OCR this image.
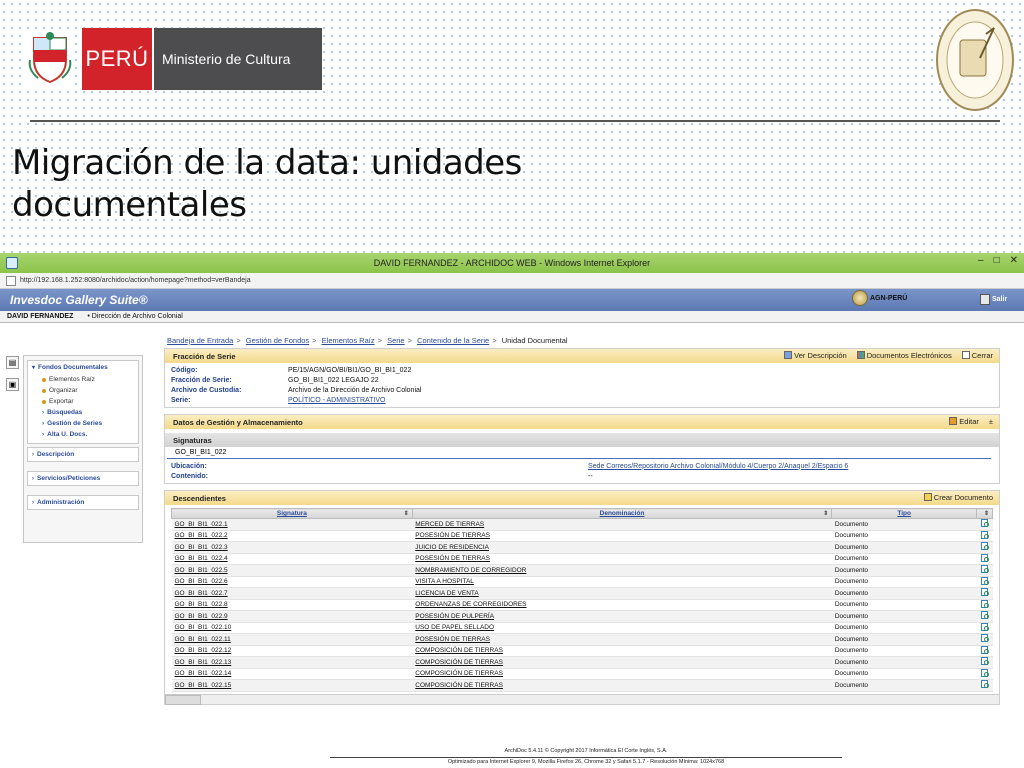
PERÚ Ministerio de Cultura
Migración de la data: unidades
documentales
DAVID FERNANDEZ - ARCHIDOC WEB - Windows Internet Explorer	– □ ✕
http://192.168.1.252:8080/archidoc/action/homepage?method=verBandeja
Invesdoc Gallery Suite®	AGN-PERÚ	Salir
DAVID FERNANDEZ • Dirección de Archivo Colonial
▤
▣
▾ Fondos Documentales
Elementos Raíz
Organizar
Exportar
› Búsquedas
› Gestión de Series
› Alta U. Docs.
› Descripción
› Servicios/Peticiones
› Administración
Bandeja de Entrada > Gestión de Fondos > Elementos Raíz > Serie > Contenido de la Serie > Unidad Documental
Fracción de Serie	Ver Descripción	Documentos Electrónicos	Cerrar
Código:	PE/15/AGN/GO/BI/BI1/GO_BI_BI1_022
Fracción de Serie:	GO_BI_BI1_022 LEGAJO 22
Archivo de Custodia:	Archivo de la Dirección de Archivo Colonial
Serie:	POLÍTICO - ADMINISTRATIVO
Datos de Gestión y Almacenamiento	Editar ±
Signaturas
GO_BI_BI1_022
Ubicación:	Sede Correos/Repositorio Archivo Colonial/Módulo 4/Cuerpo 2/Anaquel 2/Espacio 6
Contenido:	--
Descendientes	Crear Documento
Signatura ⇕	Denominación ⇕	Tipo	⇕

GO_BI_BI1_022.1	MERCED DE TIERRAS	Documento	
GO_BI_BI1_022.2	POSESIÓN DE TIERRAS	Documento	
GO_BI_BI1_022.3	JUICIO DE RESIDENCIA	Documento	
GO_BI_BI1_022.4	POSESIÓN DE TIERRAS	Documento	
GO_BI_BI1_022.5	NOMBRAMIENTO DE CORREGIDOR	Documento	
GO_BI_BI1_022.6	VISITA A HOSPITAL	Documento	
GO_BI_BI1_022.7	LICENCIA DE VENTA	Documento	
GO_BI_BI1_022.8	ORDENANZAS DE CORREGIDORES	Documento	
GO_BI_BI1_022.9	POSESIÓN DE PULPERÍA	Documento	
GO_BI_BI1_022.10	USO DE PAPEL SELLADO	Documento	
GO_BI_BI1_022.11	POSESIÓN DE TIERRAS	Documento	
GO_BI_BI1_022.12	COMPOSICIÓN DE TIERRAS	Documento	
GO_BI_BI1_022.13	COMPOSICIÓN DE TIERRAS	Documento	
GO_BI_BI1_022.14	COMPOSICIÓN DE TIERRAS	Documento	
GO_BI_BI1_022.15	COMPOSICIÓN DE TIERRAS	Documento	
ArchiDoc 5.4.11 © Copyright 2017 Informática El Corte Inglés, S.A.
Optimizado para Internet Explorer 9, Mozilla Firefox 26, Chrome 32 y Safari 5.1.7 - Resolución Mínima: 1024x768
